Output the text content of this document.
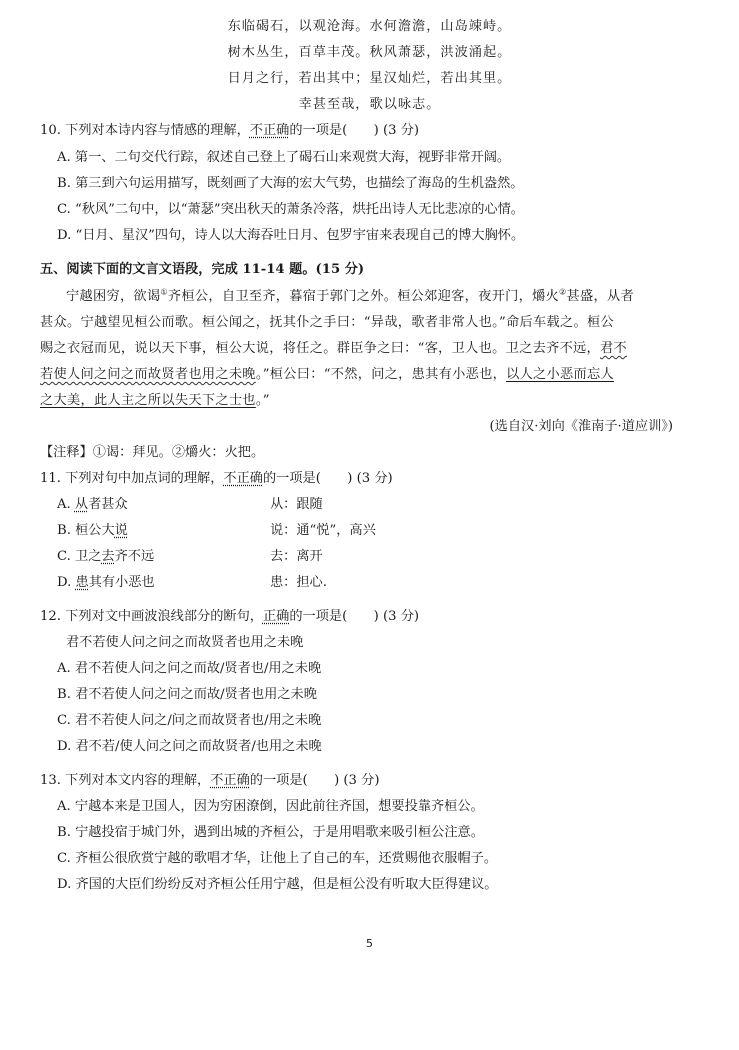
东临碣石，以观沧海。水何澹澹，山岛竦峙。
树木丛生，百草丰茂。秋风萧瑟，洪波涌起。
日月之行，若出其中；星汉灿烂，若出其里。
幸甚至哉，歌以咏志。
10. 下列对本诗内容与情感的理解，不正确的一项是(　　) (3 分)
A. 第一、二句交代行踪，叙述自己登上了碣石山来观赏大海，视野非常开阔。
B. 第三到六句运用描写，既刻画了大海的宏大气势，也描绘了海岛的生机盎然。
C. “秋风”二句中，以“萧瑟”突出秋天的萧条冷落，烘托出诗人无比悲凉的心情。
D. “日月、星汉”四句，诗人以大海吞吐日月、包罗宇宙来表现自己的博大胸怀。
五、阅读下面的文言文语段，完成 11-14 题。(15 分)
宁越困穷，欲谒①齐桓公，自卫至齐，暮宿于郭门之外。桓公郊迎客，夜开门，爝火②甚盛，从者
甚众。宁越望见桓公而歌。桓公闻之，抚其仆之手曰：“异哉，歌者非常人也。”命后车载之。桓公
赐之衣冠而见，说以天下事，桓公大说，将任之。群臣争之曰：“客，卫人也。卫之去齐不远，君不
若使人问之问之而故贤者也用之未晚。”桓公曰：“不然，问之，患其有小恶也，以人之小恶而忘人
之大美，此人主之所以失天下之士也。”
(选自汉·刘向《淮南子·道应训》)
【注释】①谒：拜见。②爝火：火把。
11. 下列对句中加点词的理解，不正确的一项是(　　) (3 分)
A. 从者甚众	从：跟随
B. 桓公大说	说：通“悦”，高兴
C. 卫之去齐不远	去：离开
D. 患其有小恶也	患：担心.
12. 下列对文中画波浪线部分的断句，正确的一项是(　　) (3 分)
君不若使人问之问之而故贤者也用之未晚
A. 君不若使人问之问之而故/贤者也/用之未晚
B. 君不若使人问之问之而故/贤者也用之未晚
C. 君不若使人问之/问之而故贤者也/用之未晚
D. 君不若/使人问之问之而故贤者/也用之未晚
13. 下列对本文内容的理解，不正确的一项是(　　) (3 分)
A. 宁越本来是卫国人，因为穷困潦倒，因此前往齐国，想要投靠齐桓公。
B. 宁越投宿于城门外，遇到出城的齐桓公，于是用唱歌来吸引桓公注意。
C. 齐桓公很欣赏宁越的歌唱才华，让他上了自己的车，还赏赐他衣服帽子。
D. 齐国的大臣们纷纷反对齐桓公任用宁越，但是桓公没有听取大臣得建议。
5
